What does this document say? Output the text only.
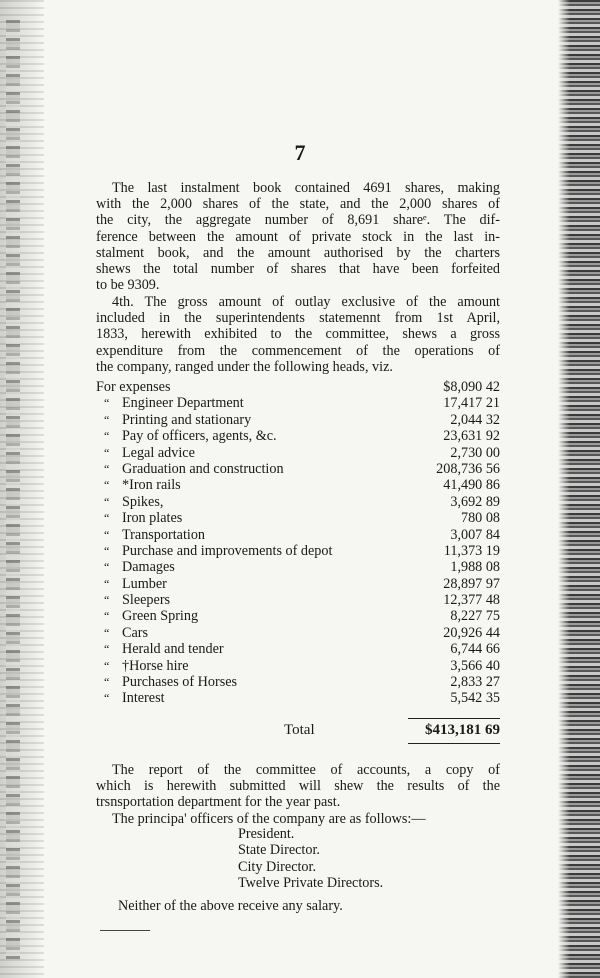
7
The last instalment book contained 4691 shares, making
with the 2,000 shares of the state, and the 2,000 shares of
the city, the aggregate number of 8,691 shareᵉ. The dif-
ference between the amount of private stock in the last in-
stalment book, and the amount authorised by the charters
shews the total number of shares that have been forfeited
to be 9309.
4th. The gross amount of outlay exclusive of the amount
included in the superintendents statemennt from 1st April,
1833, herewith exhibited to the committee, shews a gross
expenditure from the commencement of the operations of
the company, ranged under the following heads, viz.
For expenses	$8,090 42
“ Engineer Department	17,417 21
“ Printing and stationary	2,044 32
“ Pay of officers, agents, &c.	23,631 92
“ Legal advice	2,730 00
“ Graduation and construction	208,736 56
“ *Iron rails	41,490 86
“ Spikes,	3,692 89
“ Iron plates	780 08
“ Transportation	3,007 84
“ Purchase and improvements of depot	11,373 19
“ Damages	1,988 08
“ Lumber	28,897 97
“ Sleepers	12,377 48
“ Green Spring	8,227 75
“ Cars	20,926 44
“ Herald and tender	6,744 66
“ †Horse hire	3,566 40
“ Purchases of Horses	2,833 27
“ Interest	5,542 35
Total	$413,181 69
The report of the committee of accounts, a copy of
which is herewith submitted will shew the results of the
trsnsportation department for the year past.
The principa' officers of the company are as follows:—
President.
State Director.
City Director.
Twelve Private Directors.
Neither of the above receive any salary.
